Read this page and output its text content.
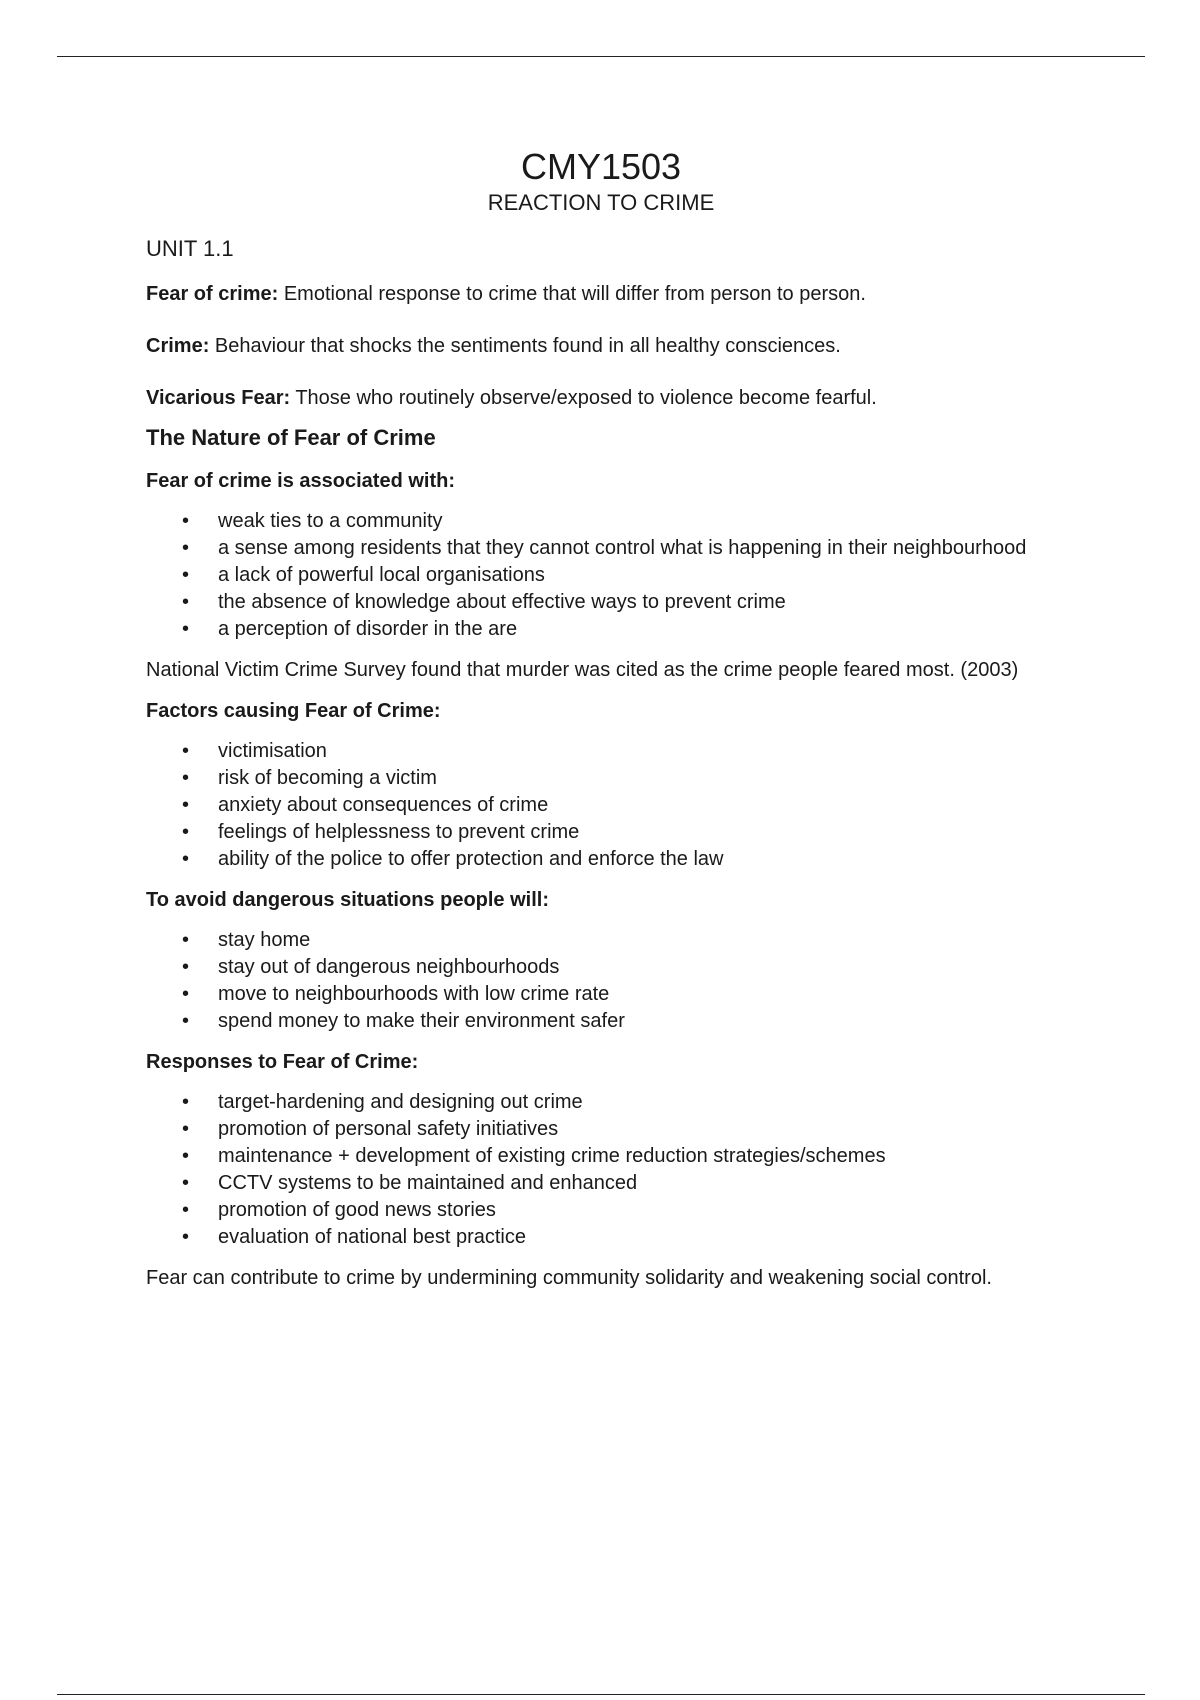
CMY1503
REACTION TO CRIME
UNIT 1.1

Fear of crime: Emotional response to crime that will differ from person to person.

Crime: Behaviour that shocks the sentiments found in all healthy consciences.

Vicarious Fear: Those who routinely observe/exposed to violence become fearful.

The Nature of Fear of Crime
Fear of crime is associated with:
• weak ties to a community
• a sense among residents that they cannot control what is happening in their neighbourhood
• a lack of powerful local organisations
• the absence of knowledge about effective ways to prevent crime
• a perception of disorder in the are

National Victim Crime Survey found that murder was cited as the crime people feared most. (2003)

Factors causing Fear of Crime:
• victimisation
• risk of becoming a victim
• anxiety about consequences of crime
• feelings of helplessness to prevent crime
• ability of the police to offer protection and enforce the law
To avoid dangerous situations people will:
• stay home
• stay out of dangerous neighbourhoods
• move to neighbourhoods with low crime rate
• spend money to make their environment safer
Responses to Fear of Crime:
• target-hardening and designing out crime
• promotion of personal safety initiatives
• maintenance + development of existing crime reduction strategies/schemes
• CCTV systems to be maintained and enhanced
• promotion of good news stories
• evaluation of national best practice

Fear can contribute to crime by undermining community solidarity and weakening social control.
